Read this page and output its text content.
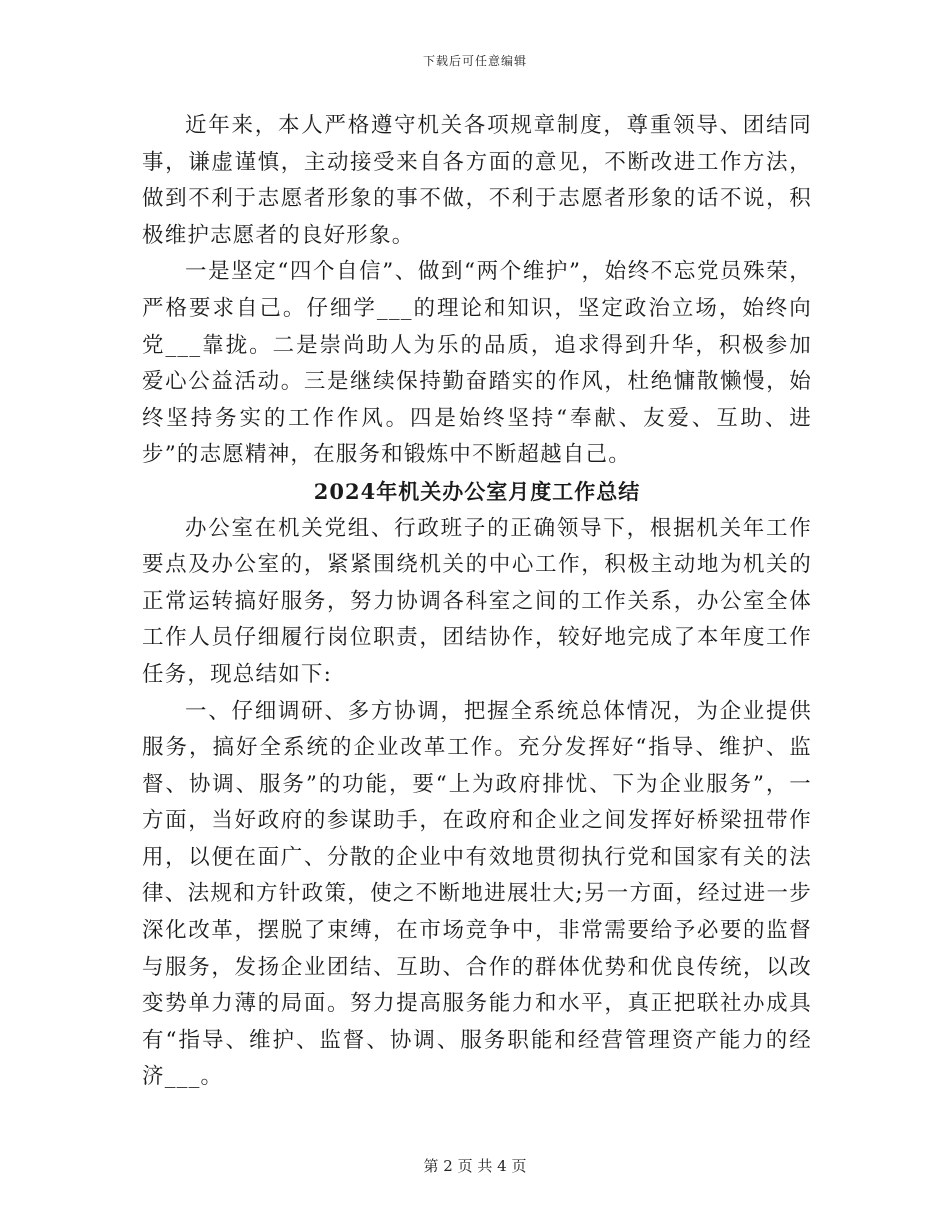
下载后可任意编辑

近年来，本人严格遵守机关各项规章制度，尊重领导、团结同事，谦虚谨慎，主动接受来自各方面的意见，不断改进工作方法，做到不利于志愿者形象的事不做，不利于志愿者形象的话不说，积极维护志愿者的良好形象。

一是坚定“四个自信”、做到“两个维护”，始终不忘党员殊荣，严格要求自己。仔细学___的理论和知识，坚定政治立场，始终向党___靠拢。二是崇尚助人为乐的品质，追求得到升华，积极参加爱心公益活动。三是继续保持勤奋踏实的作风，杜绝慵散懒慢，始终坚持务实的工作作风。四是始终坚持“奉献、友爱、互助、进步”的志愿精神，在服务和锻炼中不断超越自己。

2024年机关办公室月度工作总结

办公室在机关党组、行政班子的正确领导下，根据机关年工作要点及办公室的，紧紧围绕机关的中心工作，积极主动地为机关的正常运转搞好服务，努力协调各科室之间的工作关系，办公室全体工作人员仔细履行岗位职责，团结协作，较好地完成了本年度工作任务，现总结如下:

一、仔细调研、多方协调，把握全系统总体情况，为企业提供服务，搞好全系统的企业改革工作。充分发挥好“指导、维护、监督、协调、服务”的功能，要“上为政府排忧、下为企业服务”，一方面，当好政府的参谋助手，在政府和企业之间发挥好桥梁扭带作用，以便在面广、分散的企业中有效地贯彻执行党和国家有关的法律、法规和方针政策，使之不断地进展壮大;另一方面，经过进一步深化改革，摆脱了束缚，在市场竞争中，非常需要给予必要的监督与服务，发扬企业团结、互助、合作的群体优势和优良传统，以改变势单力薄的局面。努力提高服务能力和水平，真正把联社办成具有“指导、维护、监督、协调、服务职能和经营管理资产能力的经济___。

第 2 页 共 4 页
